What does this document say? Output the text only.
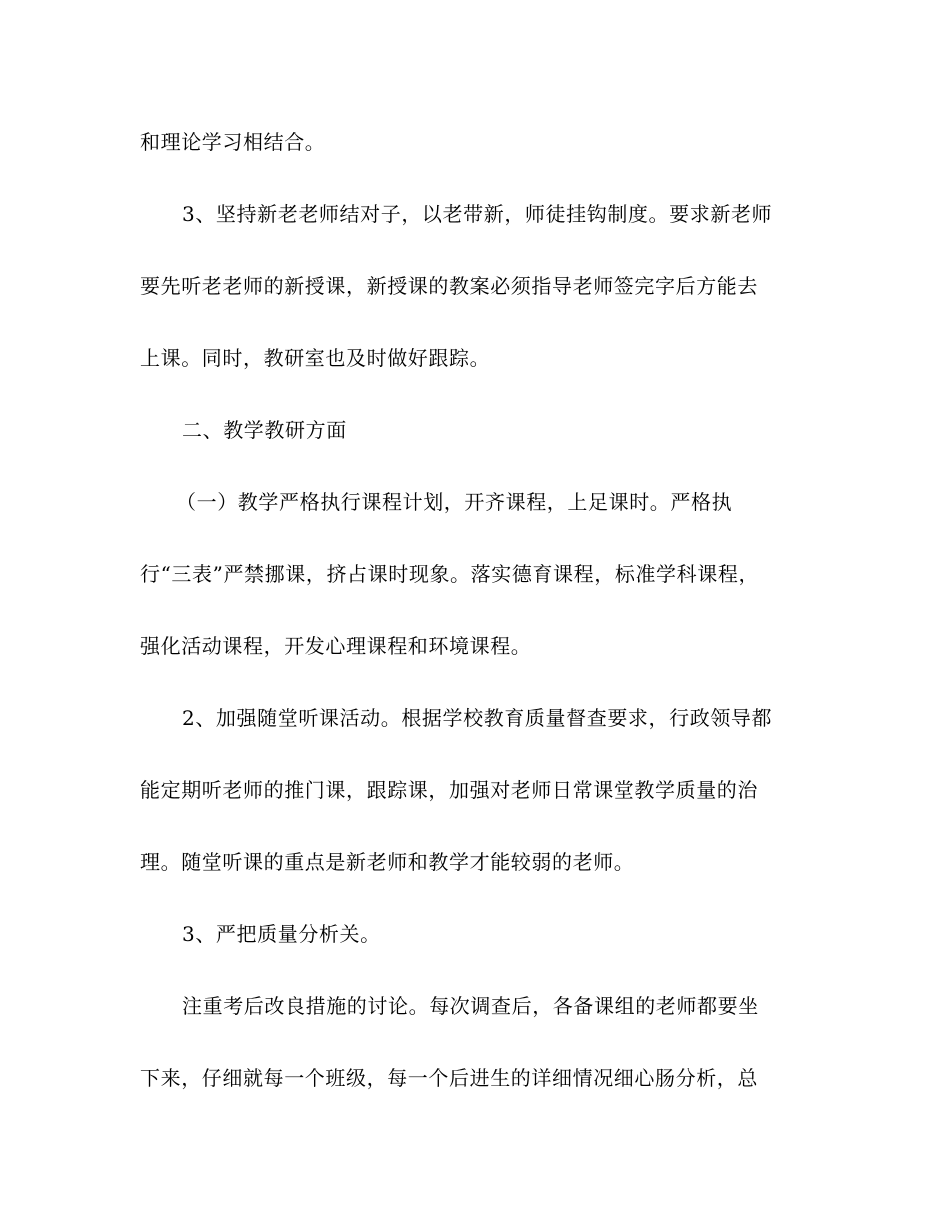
和理论学习相结合。
3、坚持新老老师结对子，以老带新，师徒挂钩制度。要求新老师
要先听老老师的新授课，新授课的教案必须指导老师签完字后方能去
上课。同时，教研室也及时做好跟踪。
二、教学教研方面
（一）教学严格执行课程计划，开齐课程，上足课时。严格执
行“三表”严禁挪课，挤占课时现象。落实德育课程，标准学科课程，
强化活动课程，开发心理课程和环境课程。
2、加强随堂听课活动。根据学校教育质量督查要求，行政领导都
能定期听老师的推门课，跟踪课，加强对老师日常课堂教学质量的治
理。随堂听课的重点是新老师和教学才能较弱的老师。
3、严把质量分析关。
注重考后改良措施的讨论。每次调查后，各备课组的老师都要坐
下来，仔细就每一个班级，每一个后进生的详细情况细心肠分析，总
